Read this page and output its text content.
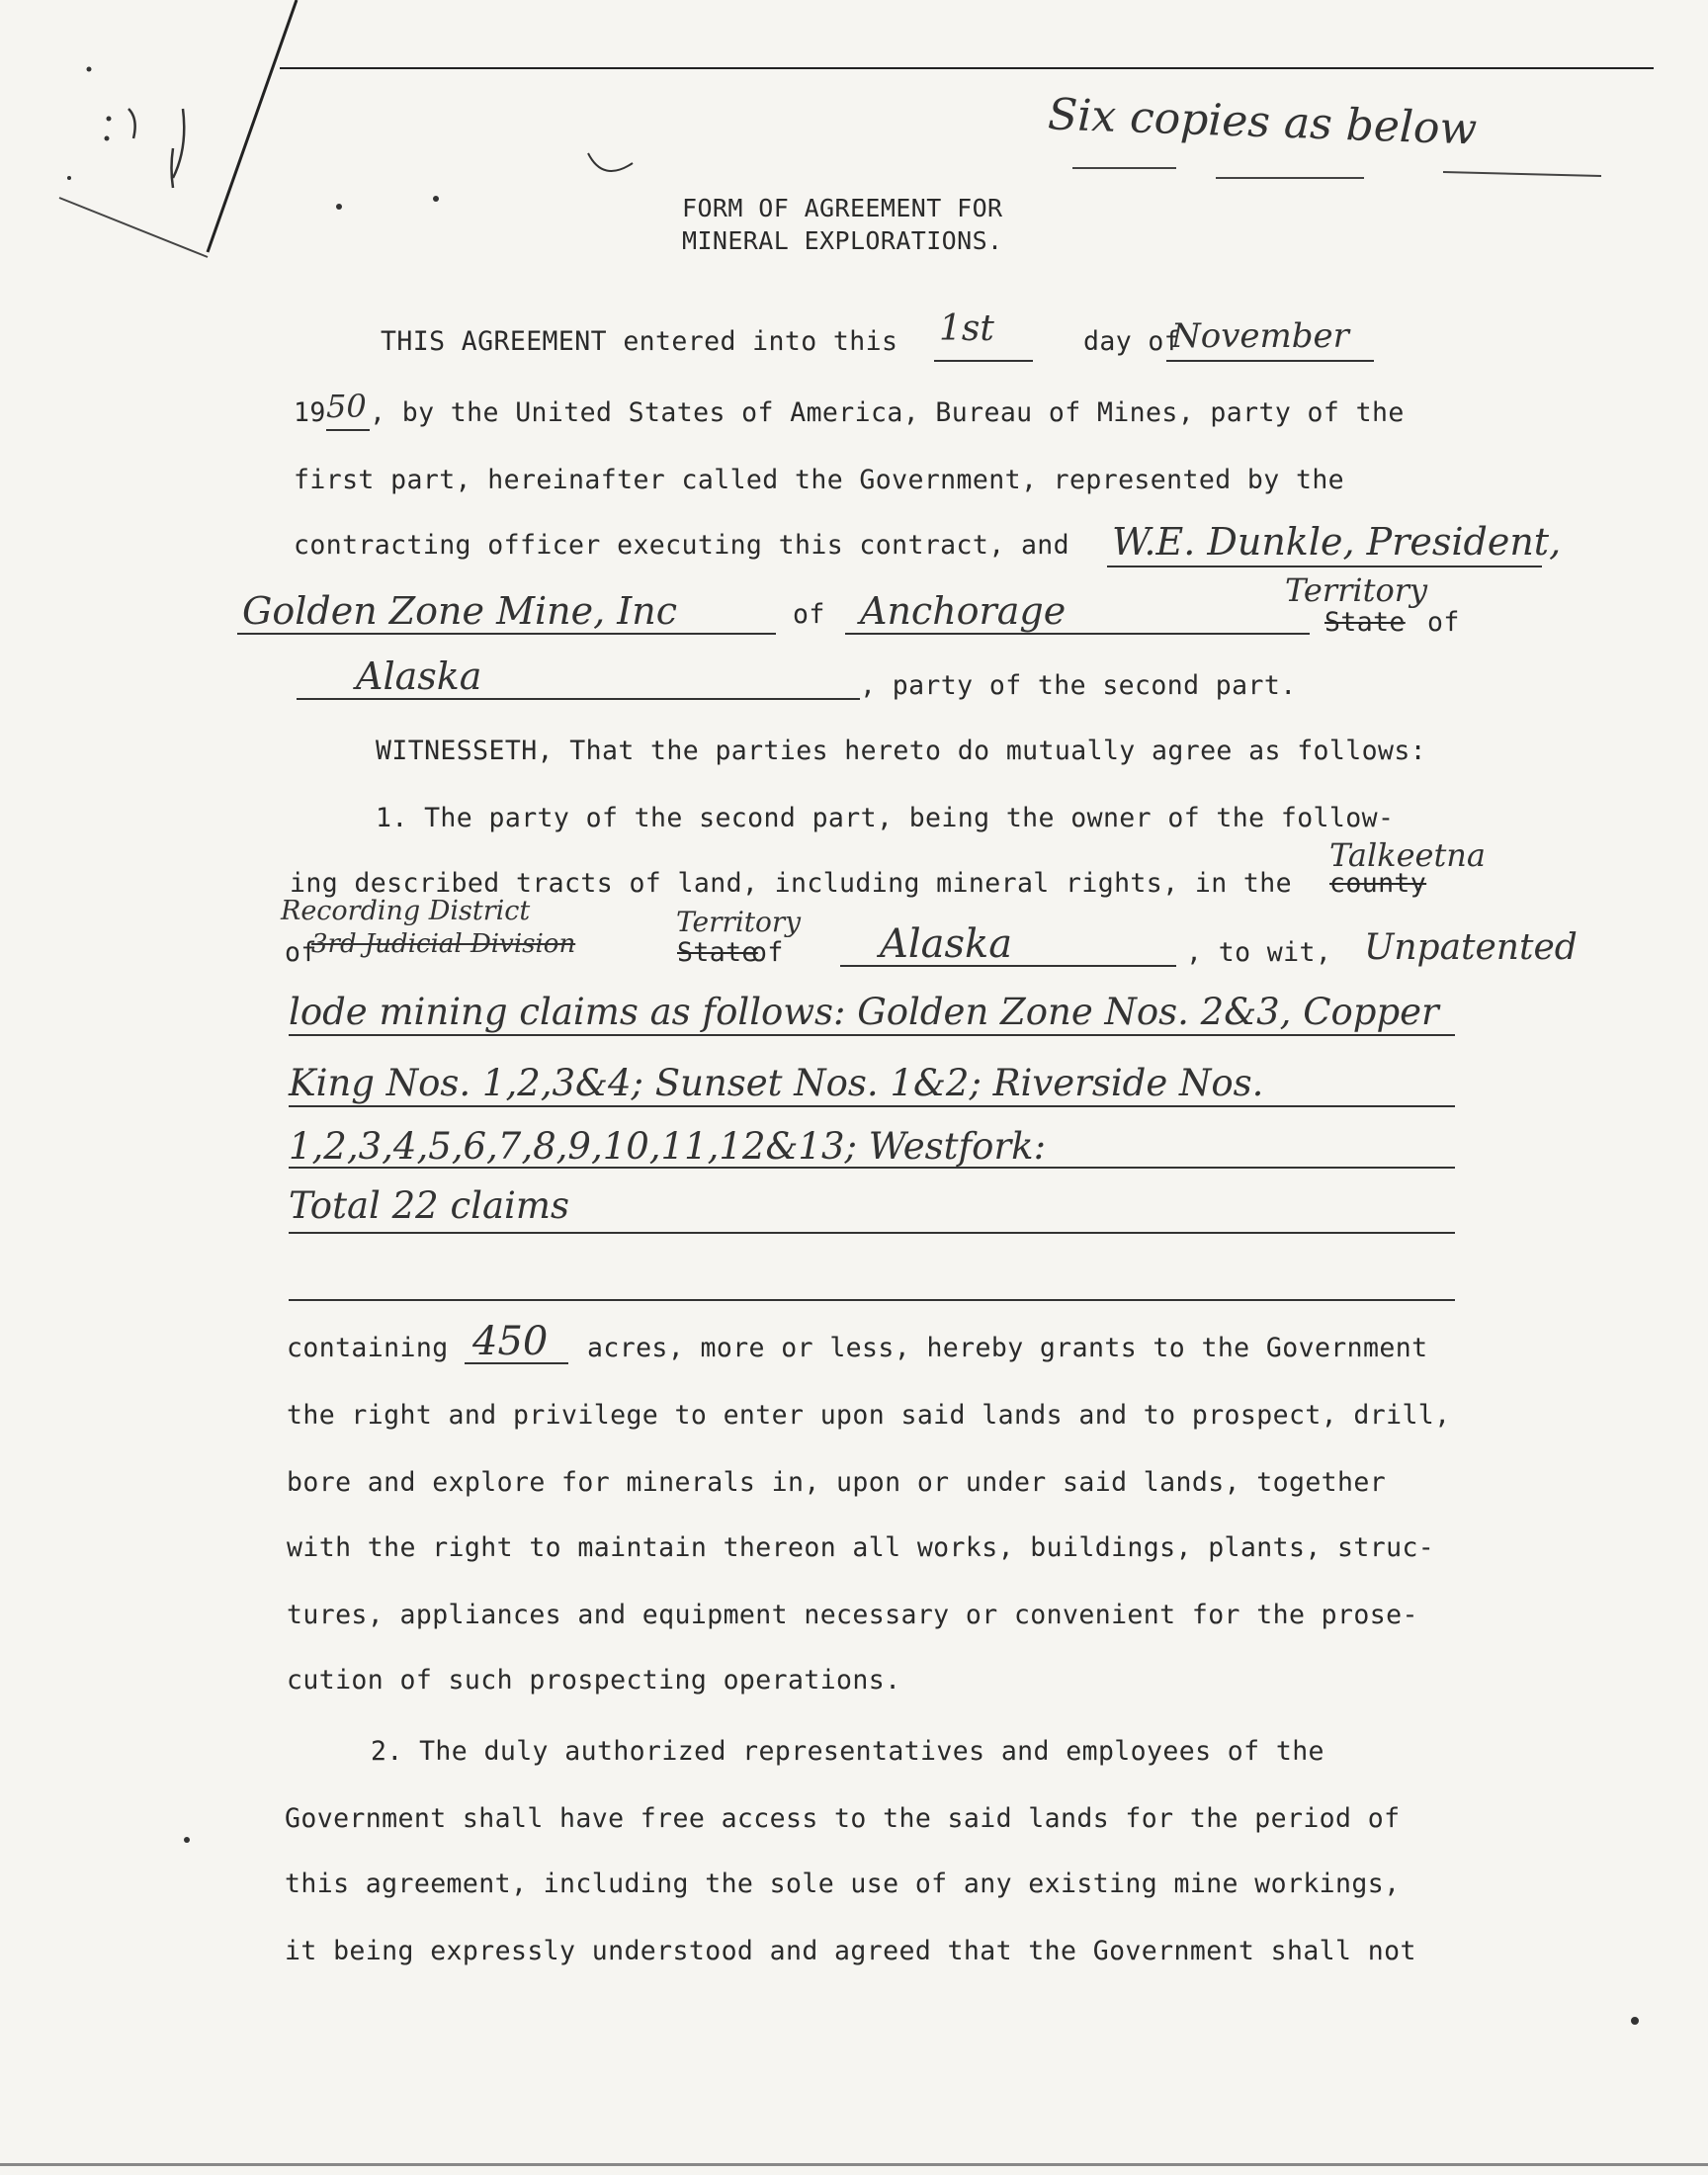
Six copies as below
FORM OF AGREEMENT FOR
MINERAL EXPLORATIONS.
THIS AGREEMENT entered into this 1st	day of
November
19 50 , by the United States of America, Bureau of Mines, party of the
first part, hereinafter called the Government, represented by the
contracting officer executing this contract, and W.E. Dunkle, President,
Golden Zone Mine, Inc	of Anchorage	Territory
State of
Alaska	, party of the second part.
WITNESSETH, That the parties hereto do mutually agree as follows:
1. The party of the second part, being the owner of the follow-
Talkeetna
ing described tracts of land, including mineral rights, in the county
Recording District	Territory
of
3rd Judicial Division	State
of Alaska	, to wit, Unpatented
lode mining claims as follows: Golden Zone Nos. 2&3, Copper
King Nos. 1,2,3&4; Sunset Nos. 1&2; Riverside Nos.
1,2,3,4,5,6,7,8,9,10,11,12&13; Westfork:
Total 22 claims
containing 450 acres, more or less, hereby grants to the Government
the right and privilege to enter upon said lands and to prospect, drill,
bore and explore for minerals in, upon or under said lands, together
with the right to maintain thereon all works, buildings, plants, struc-
tures, appliances and equipment necessary or convenient for the prose-
cution of such prospecting operations.
2. The duly authorized representatives and employees of the
Government shall have free access to the said lands for the period of
this agreement, including the sole use of any existing mine workings,
it being expressly understood and agreed that the Government shall not
